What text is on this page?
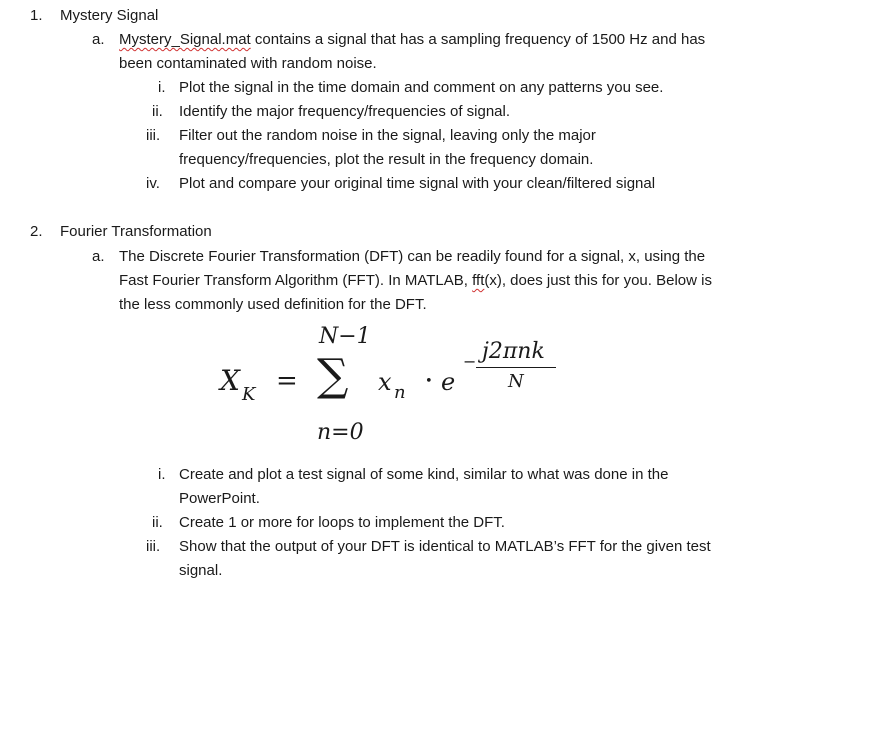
1. Mystery Signal
a. Mystery_Signal.mat contains a signal that has a sampling frequency of 1500 Hz and has
been contaminated with random noise.
i. Plot the signal in the time domain and comment on any patterns you see.
ii. Identify the major frequency/frequencies of signal.
iii. Filter out the random noise in the signal, leaving only the major
frequency/frequencies, plot the result in the frequency domain.
iv. Plot and compare your original time signal with your clean/filtered signal
2. Fourier Transformation
a. The Discrete Fourier Transformation (DFT) can be readily found for a signal, x, using the
Fast Fourier Transform Algorithm (FFT). In MATLAB, fft(x), does just this for you. Below is
the less commonly used definition for the DFT.
N−1
X K = ∑ x n
• e
− j2πnk
N
n=0
i. Create and plot a test signal of some kind, similar to what was done in the
PowerPoint.
ii. Create 1 or more for loops to implement the DFT.
iii. Show that the output of your DFT is identical to MATLAB’s FFT for the given test
signal.
